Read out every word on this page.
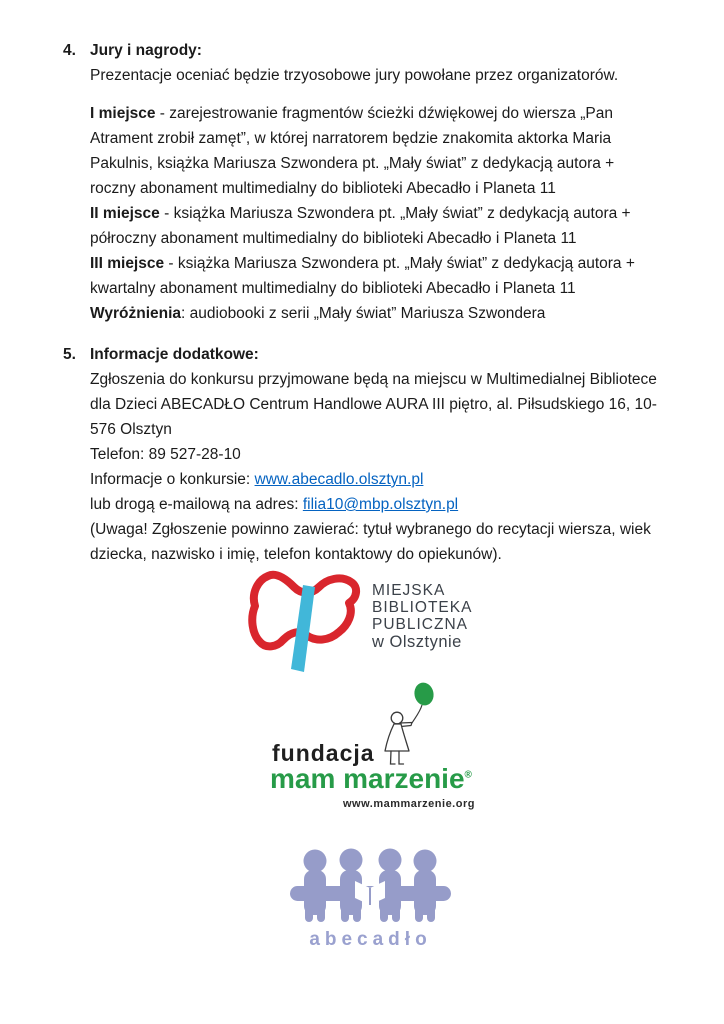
4. Jury i nagrody:

Prezentacje oceniać będzie trzyosobowe jury powołane przez organizatorów.

I miejsce - zarejestrowanie fragmentów ścieżki dźwiękowej do wiersza „Pan Atrament zrobił zamęt”, w której narratorem będzie znakomita aktorka Maria Pakulnis, książka Mariusza Szwondera pt. „Mały świat” z dedykacją autora + roczny abonament multimedialny do biblioteki Abecadło i Planeta 11

II miejsce - książka Mariusza Szwondera pt. „Mały świat” z dedykacją autora + półroczny abonament multimedialny do biblioteki Abecadło i Planeta 11

III miejsce - książka Mariusza Szwondera pt. „Mały świat” z dedykacją autora + kwartalny abonament multimedialny do biblioteki Abecadło i Planeta 11

Wyróżnienia: audiobooki z serii „Mały świat” Mariusza Szwondera

5. Informacje dodatkowe:

Zgłoszenia do konkursu przyjmowane będą na miejscu w Multimedialnej Bibliotece dla Dzieci ABECADŁO Centrum Handlowe AURA III piętro, al. Piłsudskiego 16, 10-576 Olsztyn

Telefon: 89 527-28-10

Informacje o konkursie: www.abecadlo.olsztyn.pl

lub drogą e-mailową na adres: filia10@mbp.olsztyn.pl

(Uwaga! Zgłoszenie powinno zawierać: tytuł wybranego do recytacji wiersza, wiek dziecka, nazwisko i imię, telefon kontaktowy do opiekunów).

MIEJSKA
BIBLIOTEKA
PUBLICZNA
w Olsztynie
fundacja
mam marzenie®
www.mammarzenie.org
abecadło
